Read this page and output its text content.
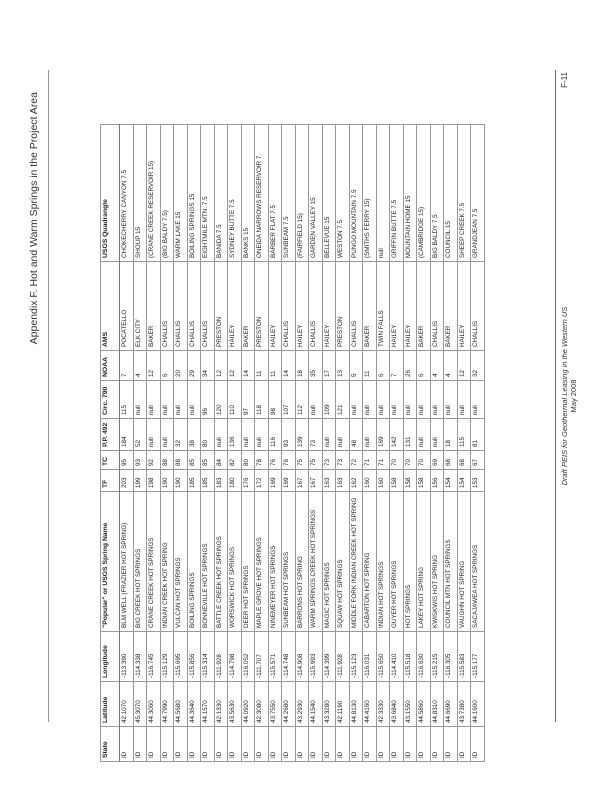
Appendix F. Hot and Warm Springs in the Project Area
State	Latitude	Longitude	"Popular" or USGS Spring Name	TF	TC	P.P. 492	Circ. 790	NOAA	AMS	USGS Quadrangle
ID	42.1070	-113.390	BLM WELL (FRAZIER HOT SPRING)	203	95	184	115	7	POCATELLO	CHOKECHERRY CANYON 7.5
ID	45.3070	-114.338	BIG CREEK HOT SPRINGS	199	93	52	null	4	ELK CITY	SHOUP 15
ID	44.3060	-116.745	CRANE CREEK HOT SPRINGS	198	92	null	null	12	BAKER	(CRANE CREEK RESERVOIR 15)
ID	44.7990	-115.129	INDIAN CREEK HOT SPRING	190	88	null	null	6	CHALLIS	(BIG BALDY 7.5)
ID	44.5680	-115.695	VULCAN HOT SPRINGS	190	88	32	null	20	CHALLIS	WARM LAKE 15
ID	44.3640	-115.856	BOILING SPRINGS	185	85	38	null	29	CHALLIS	BOILING SPRINGS 15
ID	44.1570	-115.314	BONNEVILLE HOT SPRINGS	185	85	80	96	34	CHALLIS	EIGHTMILE MTN. 7.5
ID	42.1330	-111.928	BATTLE CREEK HOT SPRINGS	183	84	null	120	12	PRESTON	BANIDA 7.5
ID	43.5630	-114.798	WORSWICK HOT SPRINGS	180	82	136	110	12	HAILEY	SYDNEY BUTTE 7.5
ID	44.0920	-116.052	DEER HOT SPRINGS	176	80	null	97	14	BAKER	BANKS 15
ID	42.3080	-111.707	MAPLE GROVE HOT SPRINGS	172	78	null	118	11	PRESTON	ONEIDA NARROWS RESERVOIR 7.
ID	43.7550	-115.571	NINEMEYER HOT SPRINGS	169	76	116	98	11	HAILEY	BARBER FLAT 7.5
ID	44.2680	-114.748	SUNBEAM HOT SPRINGS	169	76	93	107	14	CHALLIS	SUNBEAM 7.5
ID	43.2930	-114.908	BARRONS HOT SPRING	167	75	139	112	18	HAILEY	(FAIRFIELD 15)
ID	44.1540	-115.993	WARM SPRINGS CREEK HOT SPRINGS	167	75	73	null	35	CHALLIS	GARDEN VALLEY 15
ID	43.3280	-114.399	MAGIC HOT SPRINGS	163	73	null	109	17	HAILEY	BELLEVUE 15
ID	42.1190	-111.928	SQUAW HOT SPRINGS	163	73	null	121	13	PRESTON	WESTON 7.5
ID	44.8130	-115.123	MIDDLE FORK INDIAN CREEK HOT SPRING	162	72	48	null	5	CHALLIS	PUNGO MOUNTAIN 7.5
ID	44.4160	-116.031	CABARTON HOT SPRING	160	71	null	null	11	BAKER	(SMITHS FERRY 15)
ID	42.3330	-115.650	INDIAN HOT SPRINGS	160	71	169	null	6	TWIN FALLS	null
ID	43.6840	-114.410	GUYER HOT SPRINGS	158	70	142	null	7	HAILEY	GRIFFIN BUTTE 7.5
ID	43.1550	-115.518	HOT SPRINGS	158	70	131	null	26	HAILEY	MOUNTAIN HOME 15
ID	44.5860	-116.630	LAKEY HOT SPRING	158	70	null	null	6	BAKER	(CAMBRIDGE 15)
ID	44.8310	-115.215	KWISKWIS HOT SPRING	156	69	null	null	4	CHALLIS	BIG BALDY 7.5
ID	44.6690	-116.305	COUNCIL MTN HOT SPRINGS	154	68	18	null	4	BAKER	COUNCIL 15
ID	43.7380	-115.583	VAUGHN HOT SPRING	154	68	115	null	12	HAILEY	SHEEP CREEK 7.5
ID	44.1600	-115.177	SACAJAWEA HOT SPRINGS	153	67	81	null	32	CHALLIS	GRANDJEAN 7.5
Draft PEIS for Geothermal Leasing in the Western US May 2008
F-11
